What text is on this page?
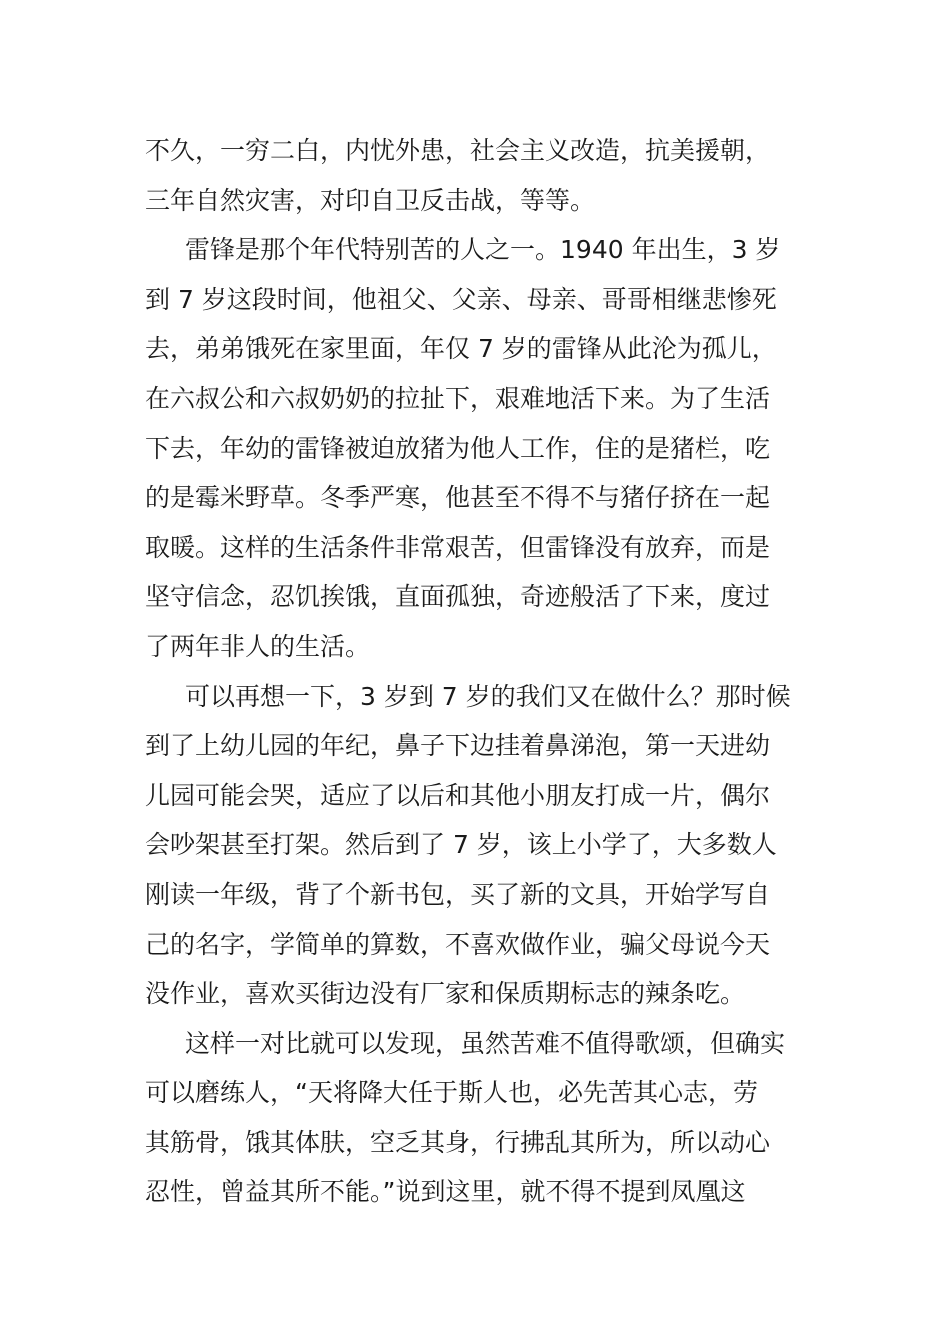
不久，一穷二白，内忧外患，社会主义改造，抗美援朝，
三年自然灾害，对印自卫反击战，等等。
雷锋是那个年代特别苦的人之一。1940 年出生，3 岁
到 7 岁这段时间，他祖父、父亲、母亲、哥哥相继悲惨死
去，弟弟饿死在家里面，年仅 7 岁的雷锋从此沦为孤儿，
在六叔公和六叔奶奶的拉扯下，艰难地活下来。为了生活
下去，年幼的雷锋被迫放猪为他人工作，住的是猪栏，吃
的是霉米野草。冬季严寒，他甚至不得不与猪仔挤在一起
取暖。这样的生活条件非常艰苦，但雷锋没有放弃，而是
坚守信念，忍饥挨饿，直面孤独，奇迹般活了下来，度过
了两年非人的生活。
可以再想一下，3 岁到 7 岁的我们又在做什么？那时候
到了上幼儿园的年纪，鼻子下边挂着鼻涕泡，第一天进幼
儿园可能会哭，适应了以后和其他小朋友打成一片，偶尔
会吵架甚至打架。然后到了 7 岁，该上小学了，大多数人
刚读一年级，背了个新书包，买了新的文具，开始学写自
己的名字，学简单的算数，不喜欢做作业，骗父母说今天
没作业，喜欢买街边没有厂家和保质期标志的辣条吃。
这样一对比就可以发现，虽然苦难不值得歌颂，但确实
可以磨练人，“天将降大任于斯人也，必先苦其心志，劳
其筋骨，饿其体肤，空乏其身，行拂乱其所为，所以动心
忍性，曾益其所不能。”说到这里，就不得不提到凤凰这
